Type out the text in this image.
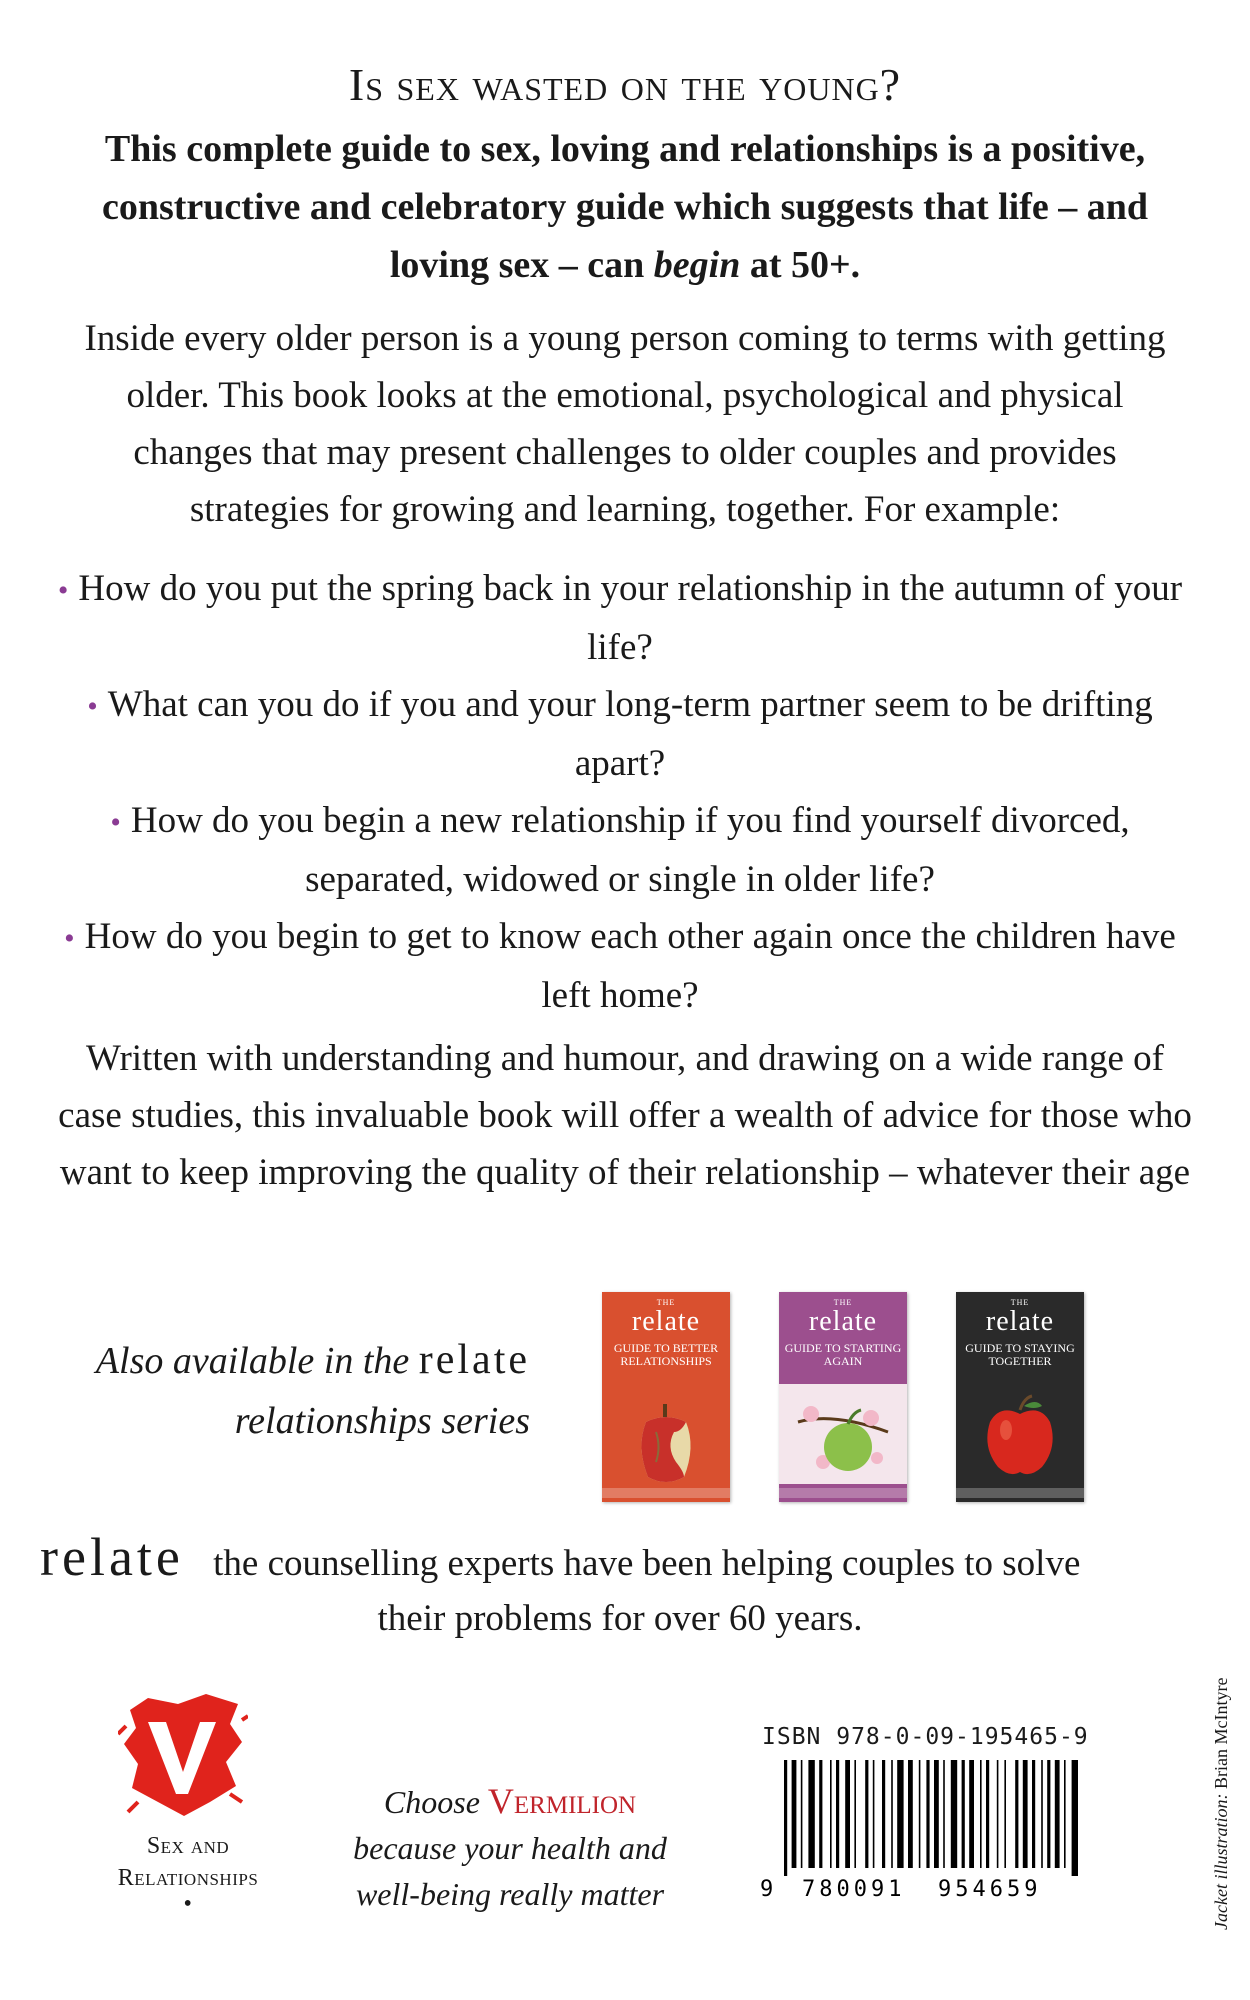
Is sex wasted on the young?
This complete guide to sex, loving and relationships is a positive, constructive and celebratory guide which suggests that life – and loving sex – can begin at 50+.
Inside every older person is a young person coming to terms with getting older. This book looks at the emotional, psychological and physical changes that may present challenges to older couples and provides strategies for growing and learning, together. For example:
• How do you put the spring back in your relationship in the autumn of your life?
• What can you do if you and your long-term partner seem to be drifting apart?
• How do you begin a new relationship if you find yourself divorced, separated, widowed or single in older life?
• How do you begin to get to know each other again once the children have left home?
Written with understanding and humour, and drawing on a wide range of case studies, this invaluable book will offer a wealth of advice for those who want to keep improving the quality of their relationship – whatever their age
Also available in the relate
relationships series
THE
relate
GUIDE TO BETTER RELATIONSHIPS
THE
relate
GUIDE TO STARTING AGAIN
THE
relate
GUIDE TO STAYING TOGETHER
relate the counselling experts have been helping couples to solve
their problems for over 60 years.
Sex and
Relationships
•
Choose Vermilion
because your health and
well-being really matter
ISBN 978-0-09-195465-9
9 780091 954659	Jacket illustration: Brian McIntyre
